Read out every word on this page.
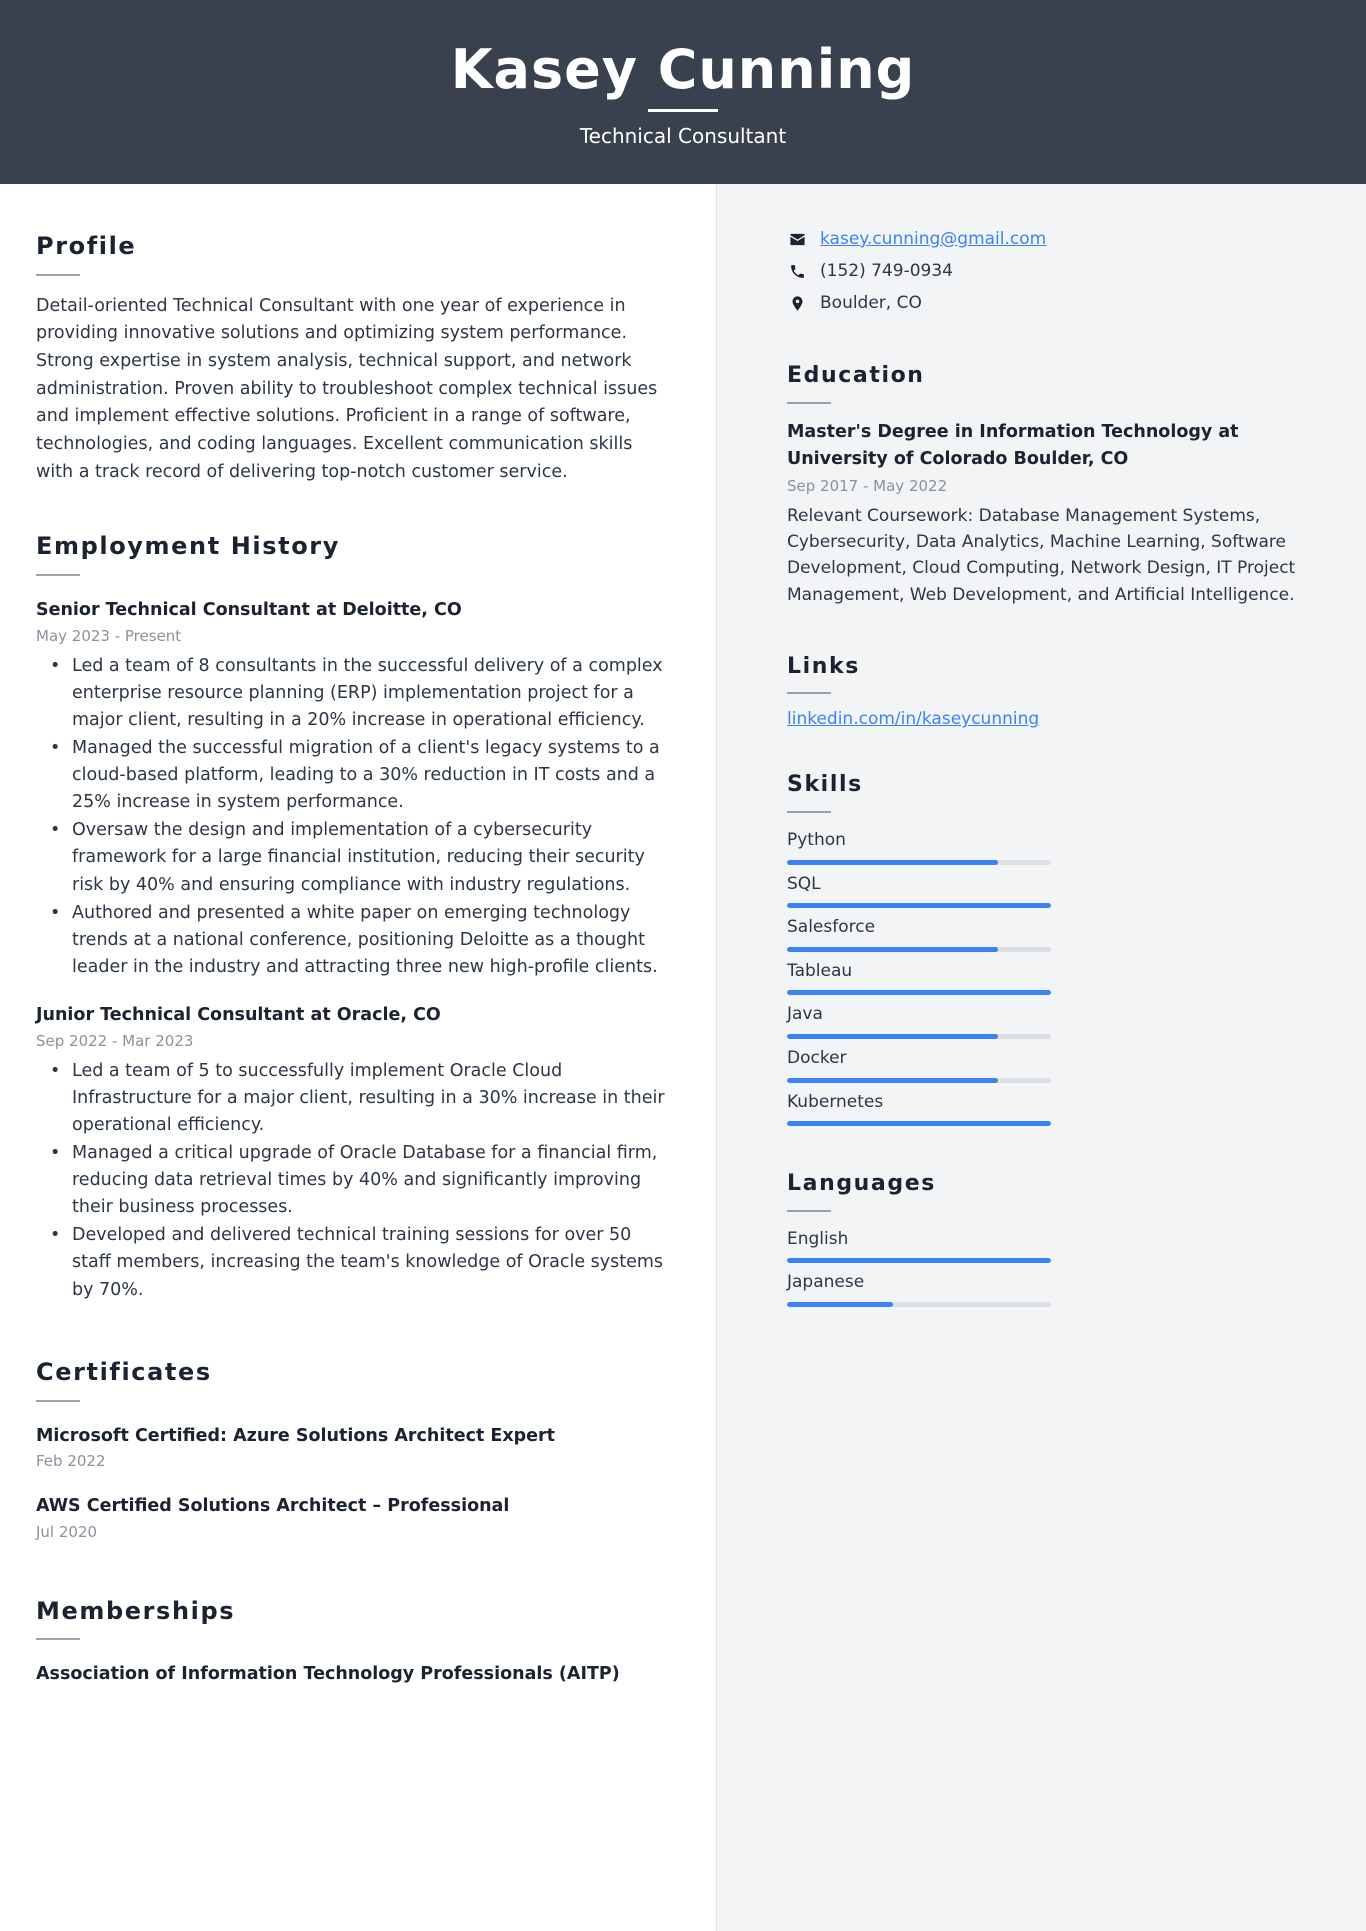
Kasey Cunning
Technical Consultant
Profile
Detail-oriented Technical Consultant with one year of experience in providing innovative solutions and optimizing system performance. Strong expertise in system analysis, technical support, and network administration. Proven ability to troubleshoot complex technical issues and implement effective solutions. Proficient in a range of software, technologies, and coding languages. Excellent communication skills with a track record of delivering top-notch customer service.
Employment History
Senior Technical Consultant at Deloitte, CO
May 2023 - Present
• Led a team of 8 consultants in the successful delivery of a complex enterprise resource planning (ERP) implementation project for a major client, resulting in a 20% increase in operational efficiency.
• Managed the successful migration of a client's legacy systems to a cloud-based platform, leading to a 30% reduction in IT costs and a 25% increase in system performance.
• Oversaw the design and implementation of a cybersecurity framework for a large financial institution, reducing their security risk by 40% and ensuring compliance with industry regulations.
• Authored and presented a white paper on emerging technology trends at a national conference, positioning Deloitte as a thought leader in the industry and attracting three new high-profile clients.
Junior Technical Consultant at Oracle, CO
Sep 2022 - Mar 2023
• Led a team of 5 to successfully implement Oracle Cloud Infrastructure for a major client, resulting in a 30% increase in their operational efficiency.
• Managed a critical upgrade of Oracle Database for a financial firm, reducing data retrieval times by 40% and significantly improving their business processes.
• Developed and delivered technical training sessions for over 50 staff members, increasing the team's knowledge of Oracle systems by 70%.
Certificates
Microsoft Certified: Azure Solutions Architect Expert
Feb 2022
AWS Certified Solutions Architect – Professional
Jul 2020
Memberships
Association of Information Technology Professionals (AITP)
kasey.cunning@gmail.com
(152) 749-0934
Boulder, CO
Education
Master's Degree in Information Technology at University of Colorado Boulder, CO
Sep 2017 - May 2022
Relevant Coursework: Database Management Systems, Cybersecurity, Data Analytics, Machine Learning, Software Development, Cloud Computing, Network Design, IT Project Management, Web Development, and Artificial Intelligence.
Links
linkedin.com/in/kaseycunning
Skills
Python
SQL
Salesforce
Tableau
Java
Docker
Kubernetes
Languages
English
Japanese
